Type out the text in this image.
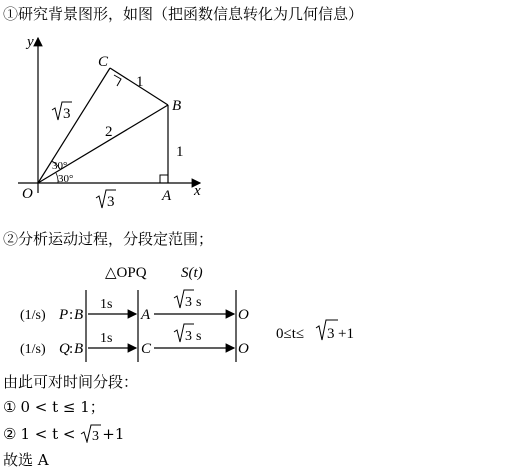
①研究背景图形，如图（把函数信息转化为几何信息）
y
x
O	A
B
C
3
1
2
1
3
30°
30°
②分析运动过程，分段定范围；
△OPQ S(t)
(1/s) P : B
1s
A
3 s
O
(1/s) Q : B
1s
C
3 s
O
0≤t≤ 3 +1
由此可对时间分段：
① 0 < t ≤ 1；
② 1 < t < 3 +1
故选 A
